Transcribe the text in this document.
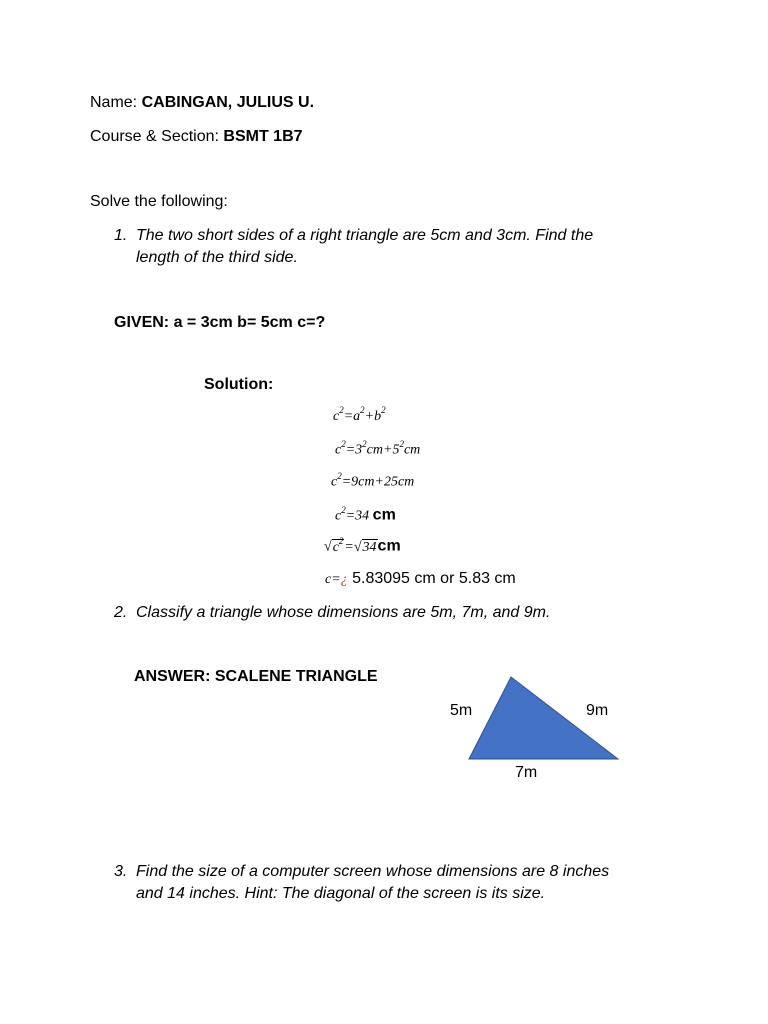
Name: CABINGAN, JULIUS U.
Course & Section: BSMT 1B7
Solve the following:
1. The two short sides of a right triangle are 5cm and 3cm. Find the
length of the third side.
GIVEN: a = 3cm b= 5cm c=?
Solution:
$c^2=a^2+b^2$
$c^2=3^2cm+5^2cm$
$c^2=9cm+25cm$
$c^2=34$ cm
$√c^2=√34cm$
c=¿ 5.83095 cm or 5.83 cm
2. Classify a triangle whose dimensions are 5m, 7m, and 9m.
ANSWER: SCALENE TRIANGLE
5m	9m
7m
3. Find the size of a computer screen whose dimensions are 8 inches
and 14 inches. Hint: The diagonal of the screen is its size.
